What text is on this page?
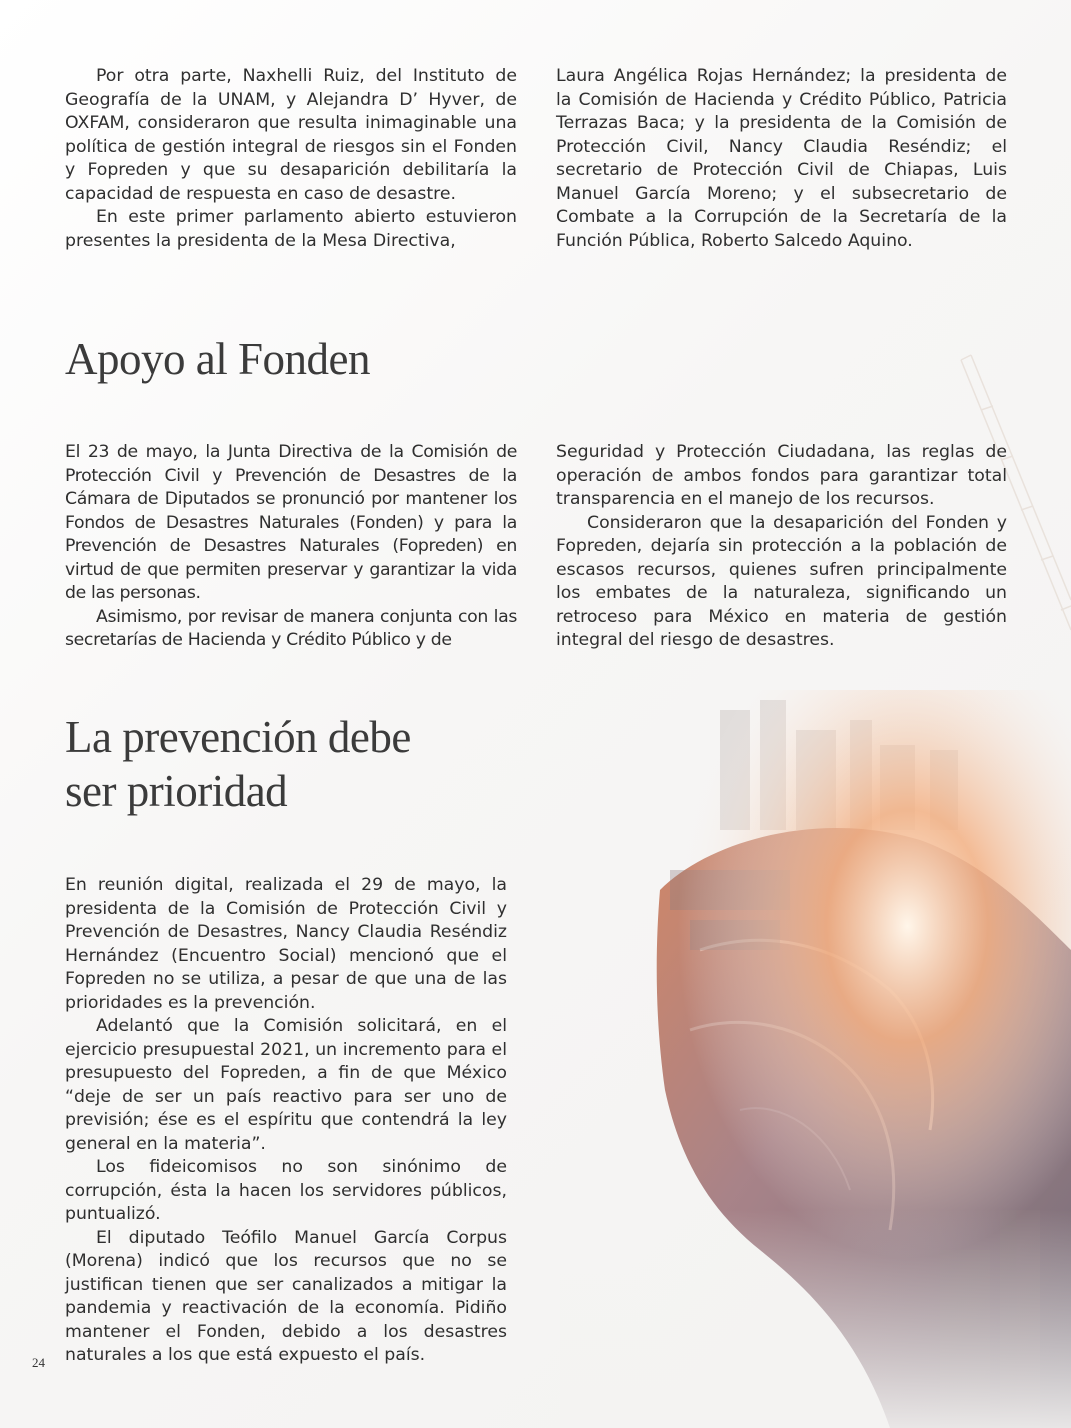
Por otra parte, Naxhelli Ruiz, del Instituto de Geografía de la UNAM, y Alejandra D’ Hyver, de OXFAM, consideraron que resulta inimaginable una política de gestión integral de riesgos sin el Fonden y Fopreden y que su desaparición debilitaría la capacidad de respuesta en caso de desastre.

En este primer parlamento abierto estuvieron presentes la presidenta de la Mesa Directiva,

Laura Angélica Rojas Hernández; la presidenta de la Comisión de Hacienda y Crédito Público, Patricia Terrazas Baca; y la presidenta de la Comisión de Protección Civil, Nancy Claudia Reséndiz; el secretario de Protección Civil de Chiapas, Luis Manuel García Moreno; y el subsecretario de Combate a la Corrupción de la Secretaría de la Función Pública, Roberto Salcedo Aquino.

Apoyo al Fonden

El 23 de mayo, la Junta Directiva de la Comisión de Protección Civil y Prevención de Desastres de la Cámara de Diputados se pronunció por mantener los Fondos de Desastres Naturales (Fonden) y para la Prevención de Desastres Naturales (Fopreden) en virtud de que permiten preservar y garantizar la vida de las personas.

Asimismo, por revisar de manera conjunta con las secretarías de Hacienda y Crédito Público y de

Seguridad y Protección Ciudadana, las reglas de operación de ambos fondos para garantizar total transparencia en el manejo de los recursos.

Consideraron que la desaparición del Fonden y Fopreden, dejaría sin protección a la población de escasos recursos, quienes sufren principalmente los embates de la naturaleza, significando un retroceso para México en materia de gestión integral del riesgo de desastres.

La prevención debe
ser prioridad

En reunión digital, realizada el 29 de mayo, la presidenta de la Comisión de Protección Civil y Prevención de Desastres, Nancy Claudia Reséndiz Hernández (Encuentro Social) mencionó que el Fopreden no se utiliza, a pesar de que una de las prioridades es la prevención.

Adelantó que la Comisión solicitará, en el ejercicio presupuestal 2021, un incremento para el presupuesto del Fopreden, a fin de que México “deje de ser un país reactivo para ser uno de previsión; ése es el espíritu que contendrá la ley general en la materia”.

Los fideicomisos no son sinónimo de corrupción, ésta la hacen los servidores públicos, puntualizó.

El diputado Teófilo Manuel García Corpus (Morena) indicó que los recursos que no se justifican tienen que ser canalizados a mitigar la pandemia y reactivación de la economía. Pidiño mantener el Fonden, debido a los desastres naturales a los que está expuesto el país.

24
